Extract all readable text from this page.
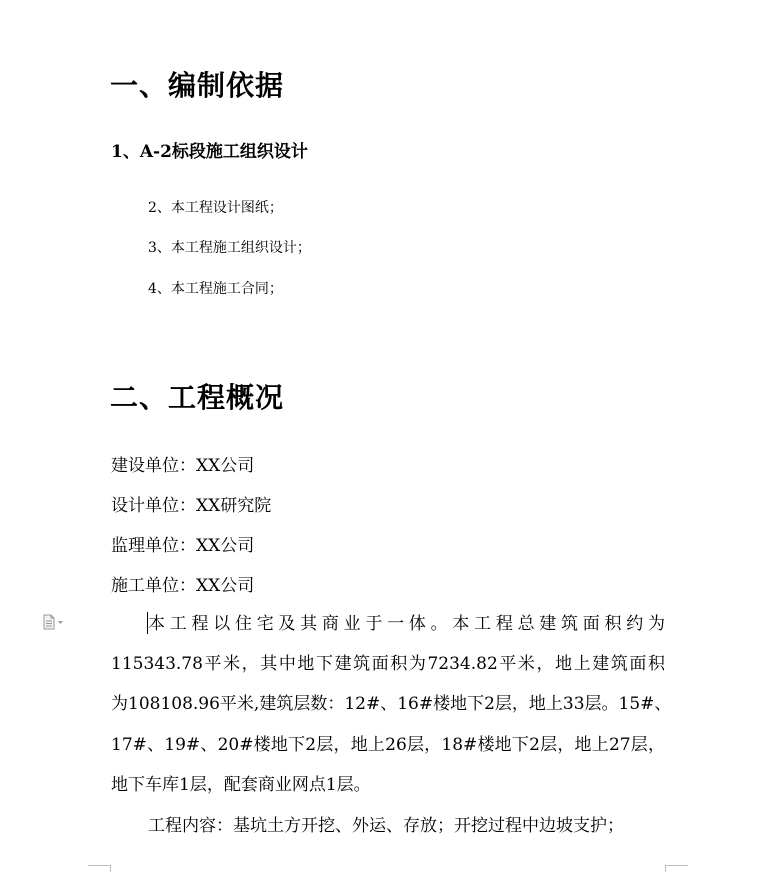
一、编制依据
1、A-2标段施工组织设计
2、本工程设计图纸；
3、本工程施工组织设计；
4、本工程施工合同；
二、工程概况
建设单位：XX公司
设计单位：XX研究院
监理单位：XX公司
施工单位：XX公司
本工程以住宅及其商业于一体。本工程总建筑面积约为
115343.78平米，其中地下建筑面积为7234.82平米，地上建筑面积
为108108.96平米,建筑层数：12#、16#楼地下2层，地上33层。15#、
17#、19#、20#楼地下2层，地上26层，18#楼地下2层，地上27层，
地下车库1层，配套商业网点1层。
工程内容：基坑土方开挖、外运、存放；开挖过程中边坡支护；
